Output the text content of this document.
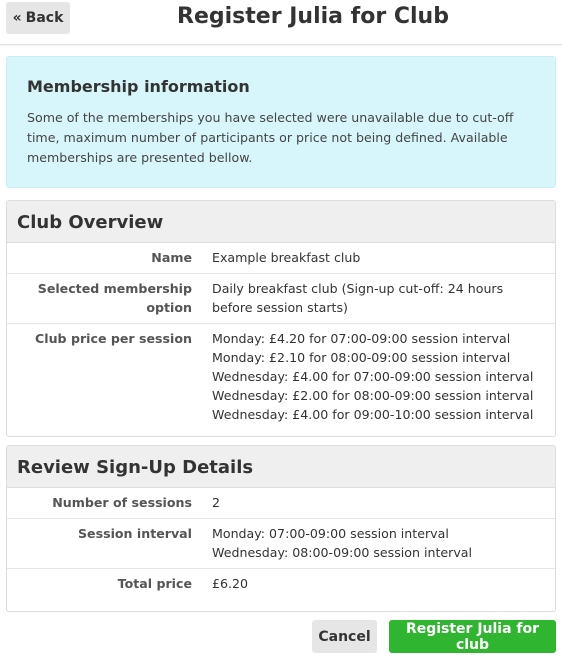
« Back	Register Julia for Club
Membership information

Some of the memberships you have selected were unavailable due to cut-off time, maximum number of participants or price not being defined. Available memberships are presented bellow.

Club Overview
Name Example breakfast club
Selected membership option
Daily breakfast club (Sign-up cut-off: 24 hours
before session starts)
Club price per session Monday: £4.20 for 07:00-09:00 session interval
Monday: £2.10 for 08:00-09:00 session interval
Wednesday: £4.00 for 07:00-09:00 session interval
Wednesday: £2.00 for 08:00-09:00 session interval
Wednesday: £4.00 for 09:00-10:00 session interval
Review Sign-Up Details
Number of sessions 2
Session interval Monday: 07:00-09:00 session interval
Wednesday: 08:00-09:00 session interval
Total price £6.20
Cancel	Register Julia for club
